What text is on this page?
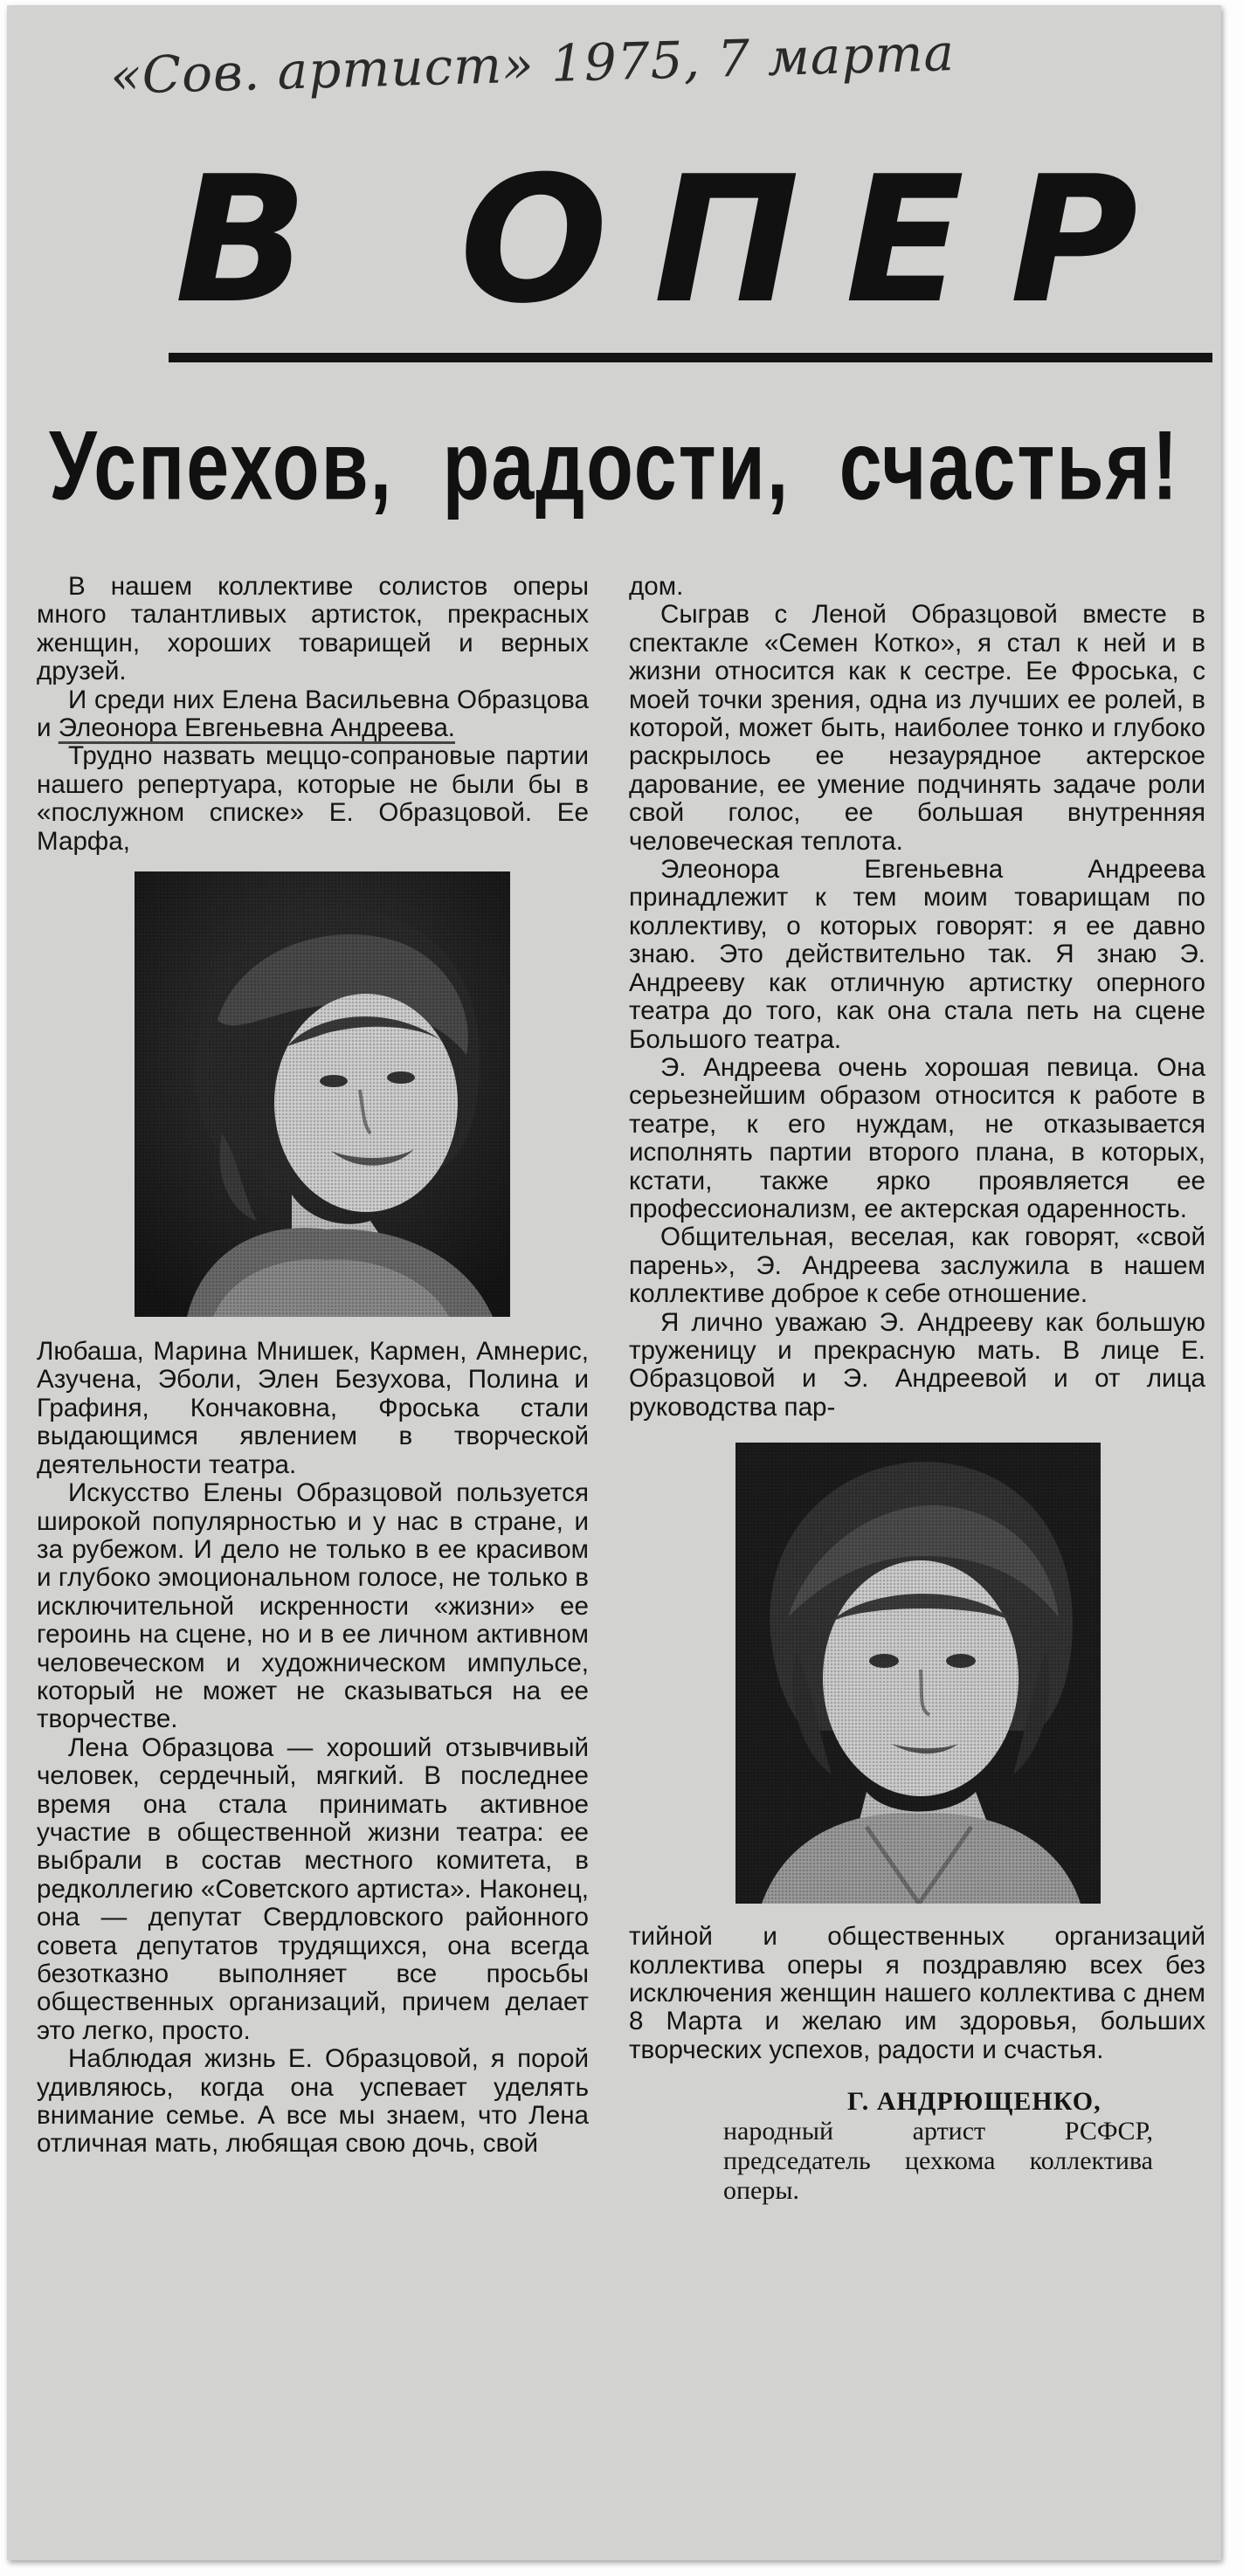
«Сов. артист» 1975, 7 марта
В ОПЕР
Успехов, радости, счастья!

В нашем коллективе солистов оперы много талантливых артисток, прекрасных женщин, хороших товарищей и верных друзей.

И среди них Елена Васильевна Образцова и Элеонора Евгеньевна Андреева.

Трудно назвать меццо-сопрановые партии нашего репертуара, которые не были бы в «послужном списке» Е. Образцовой. Ее Марфа,

Любаша, Марина Мнишек, Кармен, Амнерис, Азучена, Эболи, Элен Безухова, Полина и Графиня, Кончаковна, Фроська стали выдающимся явлением в творческой деятельности театра.

Искусство Елены Образцовой пользуется широкой популярностью и у нас в стране, и за рубежом. И дело не только в ее красивом и глубоко эмоциональном голосе, не только в исключительной искренности «жизни» ее героинь на сцене, но и в ее личном активном человеческом и художническом импульсе, который не может не сказываться на ее творчестве.

Лена Образцова — хороший отзывчивый человек, сердечный, мягкий. В последнее время она стала принимать активное участие в общественной жизни театра: ее выбрали в состав местного комитета, в редколлегию «Советского артиста». Наконец, она — депутат Свердловского районного совета депутатов трудящихся, она всегда безотказно выполняет все просьбы общественных организаций, причем делает это легко, просто.

Наблюдая жизнь Е. Образцовой, я порой удивляюсь, когда она успевает уделять внимание семье. А все мы знаем, что Лена отличная мать, любящая свою дочь, свой

дом.

Сыграв с Леной Образцовой вместе в спектакле «Семен Котко», я стал к ней и в жизни относится как к сестре. Ее Фроська, с моей точки зрения, одна из лучших ее ролей, в которой, может быть, наиболее тонко и глубоко раскрылось ее незаурядное актерское дарование, ее умение подчинять задаче роли свой голос, ее большая внутренняя человеческая теплота.

Элеонора Евгеньевна Андреева принадлежит к тем моим товарищам по коллективу, о которых говорят: я ее давно знаю. Это действительно так. Я знаю Э. Андрееву как отличную артистку оперного театра до того, как она стала петь на сцене Большого театра.

Э. Андреева очень хорошая певица. Она серьезнейшим образом относится к работе в театре, к его нуждам, не отказывается исполнять партии второго плана, в которых, кстати, также ярко проявляется ее профессионализм, ее актерская одаренность.

Общительная, веселая, как говорят, «свой парень», Э. Андреева заслужила в нашем коллективе доброе к себе отношение.

Я лично уважаю Э. Андрееву как большую труженицу и прекрасную мать. В лице Е. Образцовой и Э. Андреевой и от лица руководства пар-

тийной и общественных организаций коллектива оперы я поздравляю всех без исключения женщин нашего коллектива с днем 8 Марта и желаю им здоровья, больших творческих успехов, радости и счастья.

Г. АНДРЮЩЕНКО,
народный артист РСФСР, председатель цехкома коллектива оперы.
